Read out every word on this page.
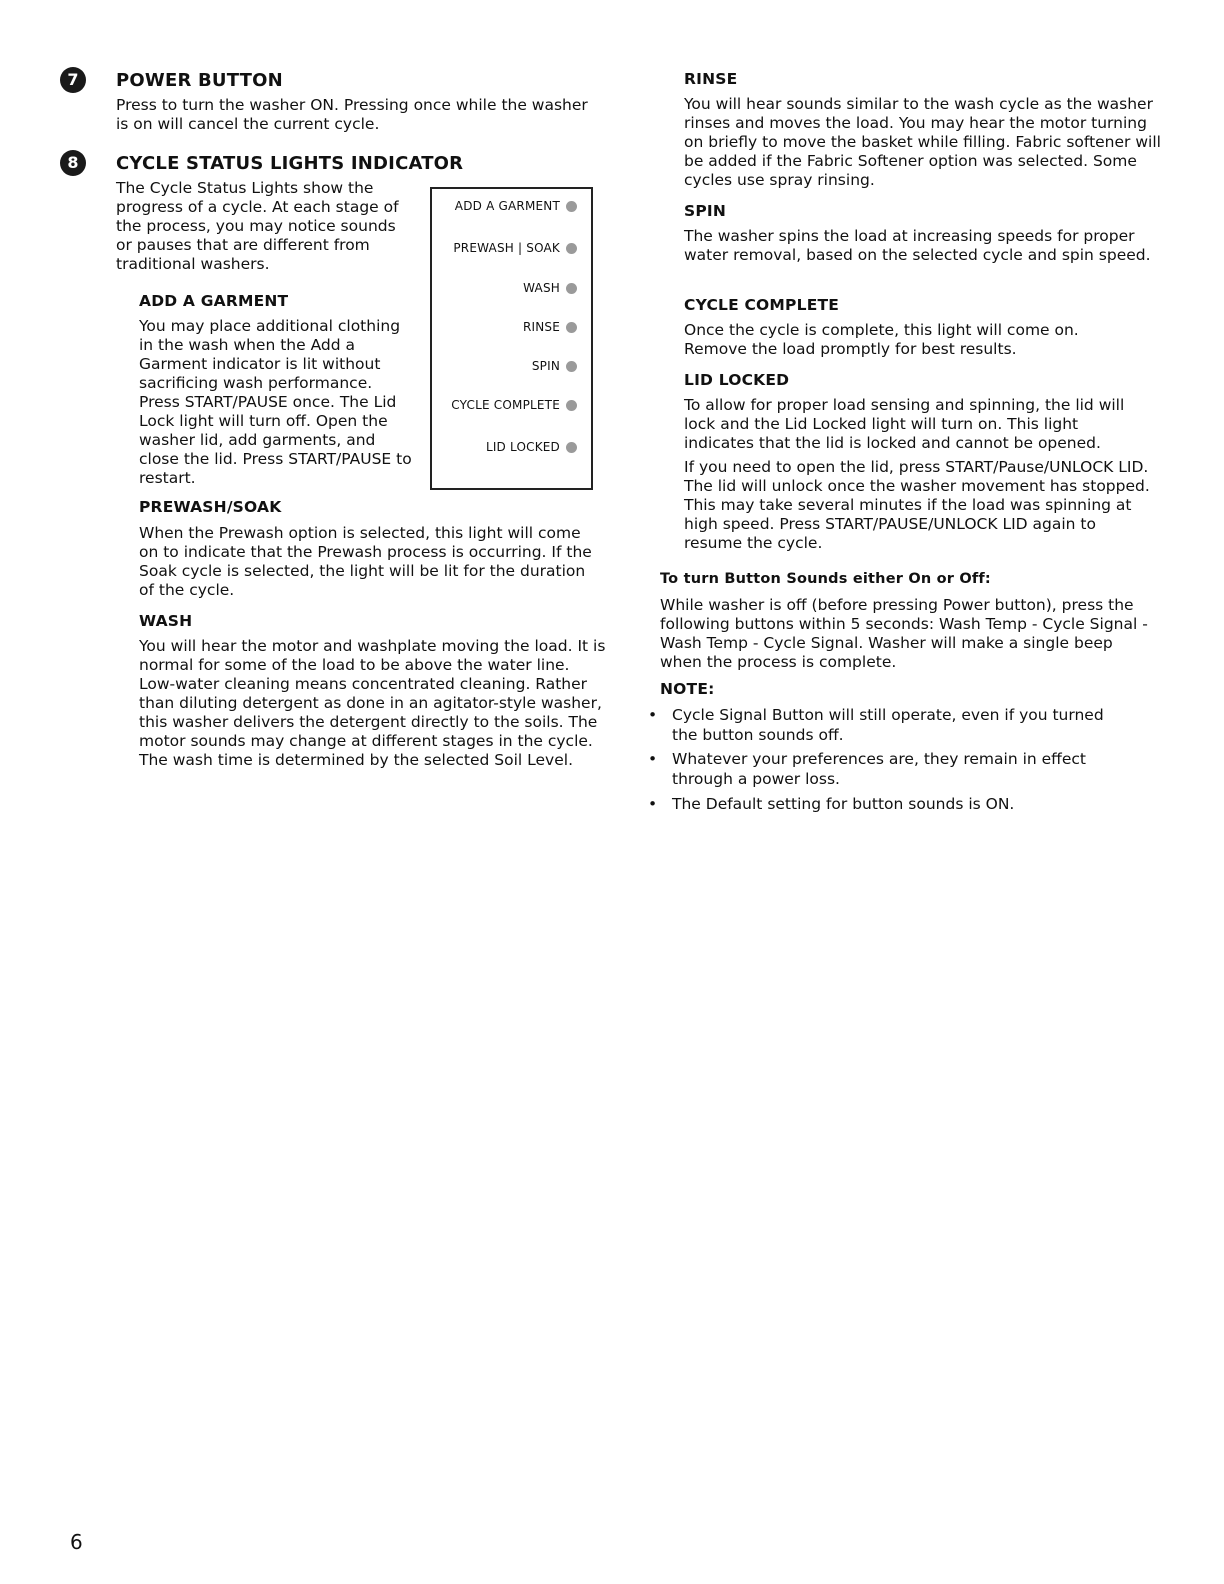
7	POWER BUTTON

Press to turn the washer ON. Pressing once while the washer is on will cancel the current cycle.

8	CYCLE STATUS LIGHTS INDICATOR

The Cycle Status Lights show the progress of a cycle. At each stage of the process, you may notice sounds or pauses that are different from traditional washers.

ADD A GARMENT

You may place additional clothing in the wash when the Add a Garment indicator is lit without sacrificing wash performance. Press START/PAUSE once. The Lid Lock light will turn off. Open the washer lid, add garments, and close the lid. Press START/PAUSE to restart.

PREWASH/SOAK

When the Prewash option is selected, this light will come on to indicate that the Prewash process is occurring. If the Soak cycle is selected, the light will be lit for the duration of the cycle.

WASH

You will hear the motor and washplate moving the load. It is normal for some of the load to be above the water line. Low-water cleaning means concentrated cleaning. Rather than diluting detergent as done in an agitator-style washer, this washer delivers the detergent directly to the soils. The motor sounds may change at different stages in the cycle. The wash time is determined by the selected Soil Level.

ADD A GARMENT
PREWASH | SOAK
WASH
RINSE
SPIN
CYCLE COMPLETE
LID LOCKED

RINSE

You will hear sounds similar to the wash cycle as the washer rinses and moves the load. You may hear the motor turning on briefly to move the basket while filling. Fabric softener will be added if the Fabric Softener option was selected. Some cycles use spray rinsing.

SPIN

The washer spins the load at increasing speeds for proper water removal, based on the selected cycle and spin speed.

CYCLE COMPLETE

Once the cycle is complete, this light will come on. Remove the load promptly for best results.

LID LOCKED

To allow for proper load sensing and spinning, the lid will lock and the Lid Locked light will turn on. This light indicates that the lid is locked and cannot be opened.

If you need to open the lid, press START/Pause/UNLOCK LID. The lid will unlock once the washer movement has stopped. This may take several minutes if the load was spinning at high speed. Press START/PAUSE/UNLOCK LID again to resume the cycle.

To turn Button Sounds either On or Off:

While washer is off (before pressing Power button), press the following buttons within 5 seconds: Wash Temp - Cycle Signal - Wash Temp - Cycle Signal. Washer will make a single beep when the process is complete.

NOTE:

• Cycle Signal Button will still operate, even if you turned the button sounds off.

• Whatever your preferences are, they remain in effect through a power loss.

• The Default setting for button sounds is ON.

6
